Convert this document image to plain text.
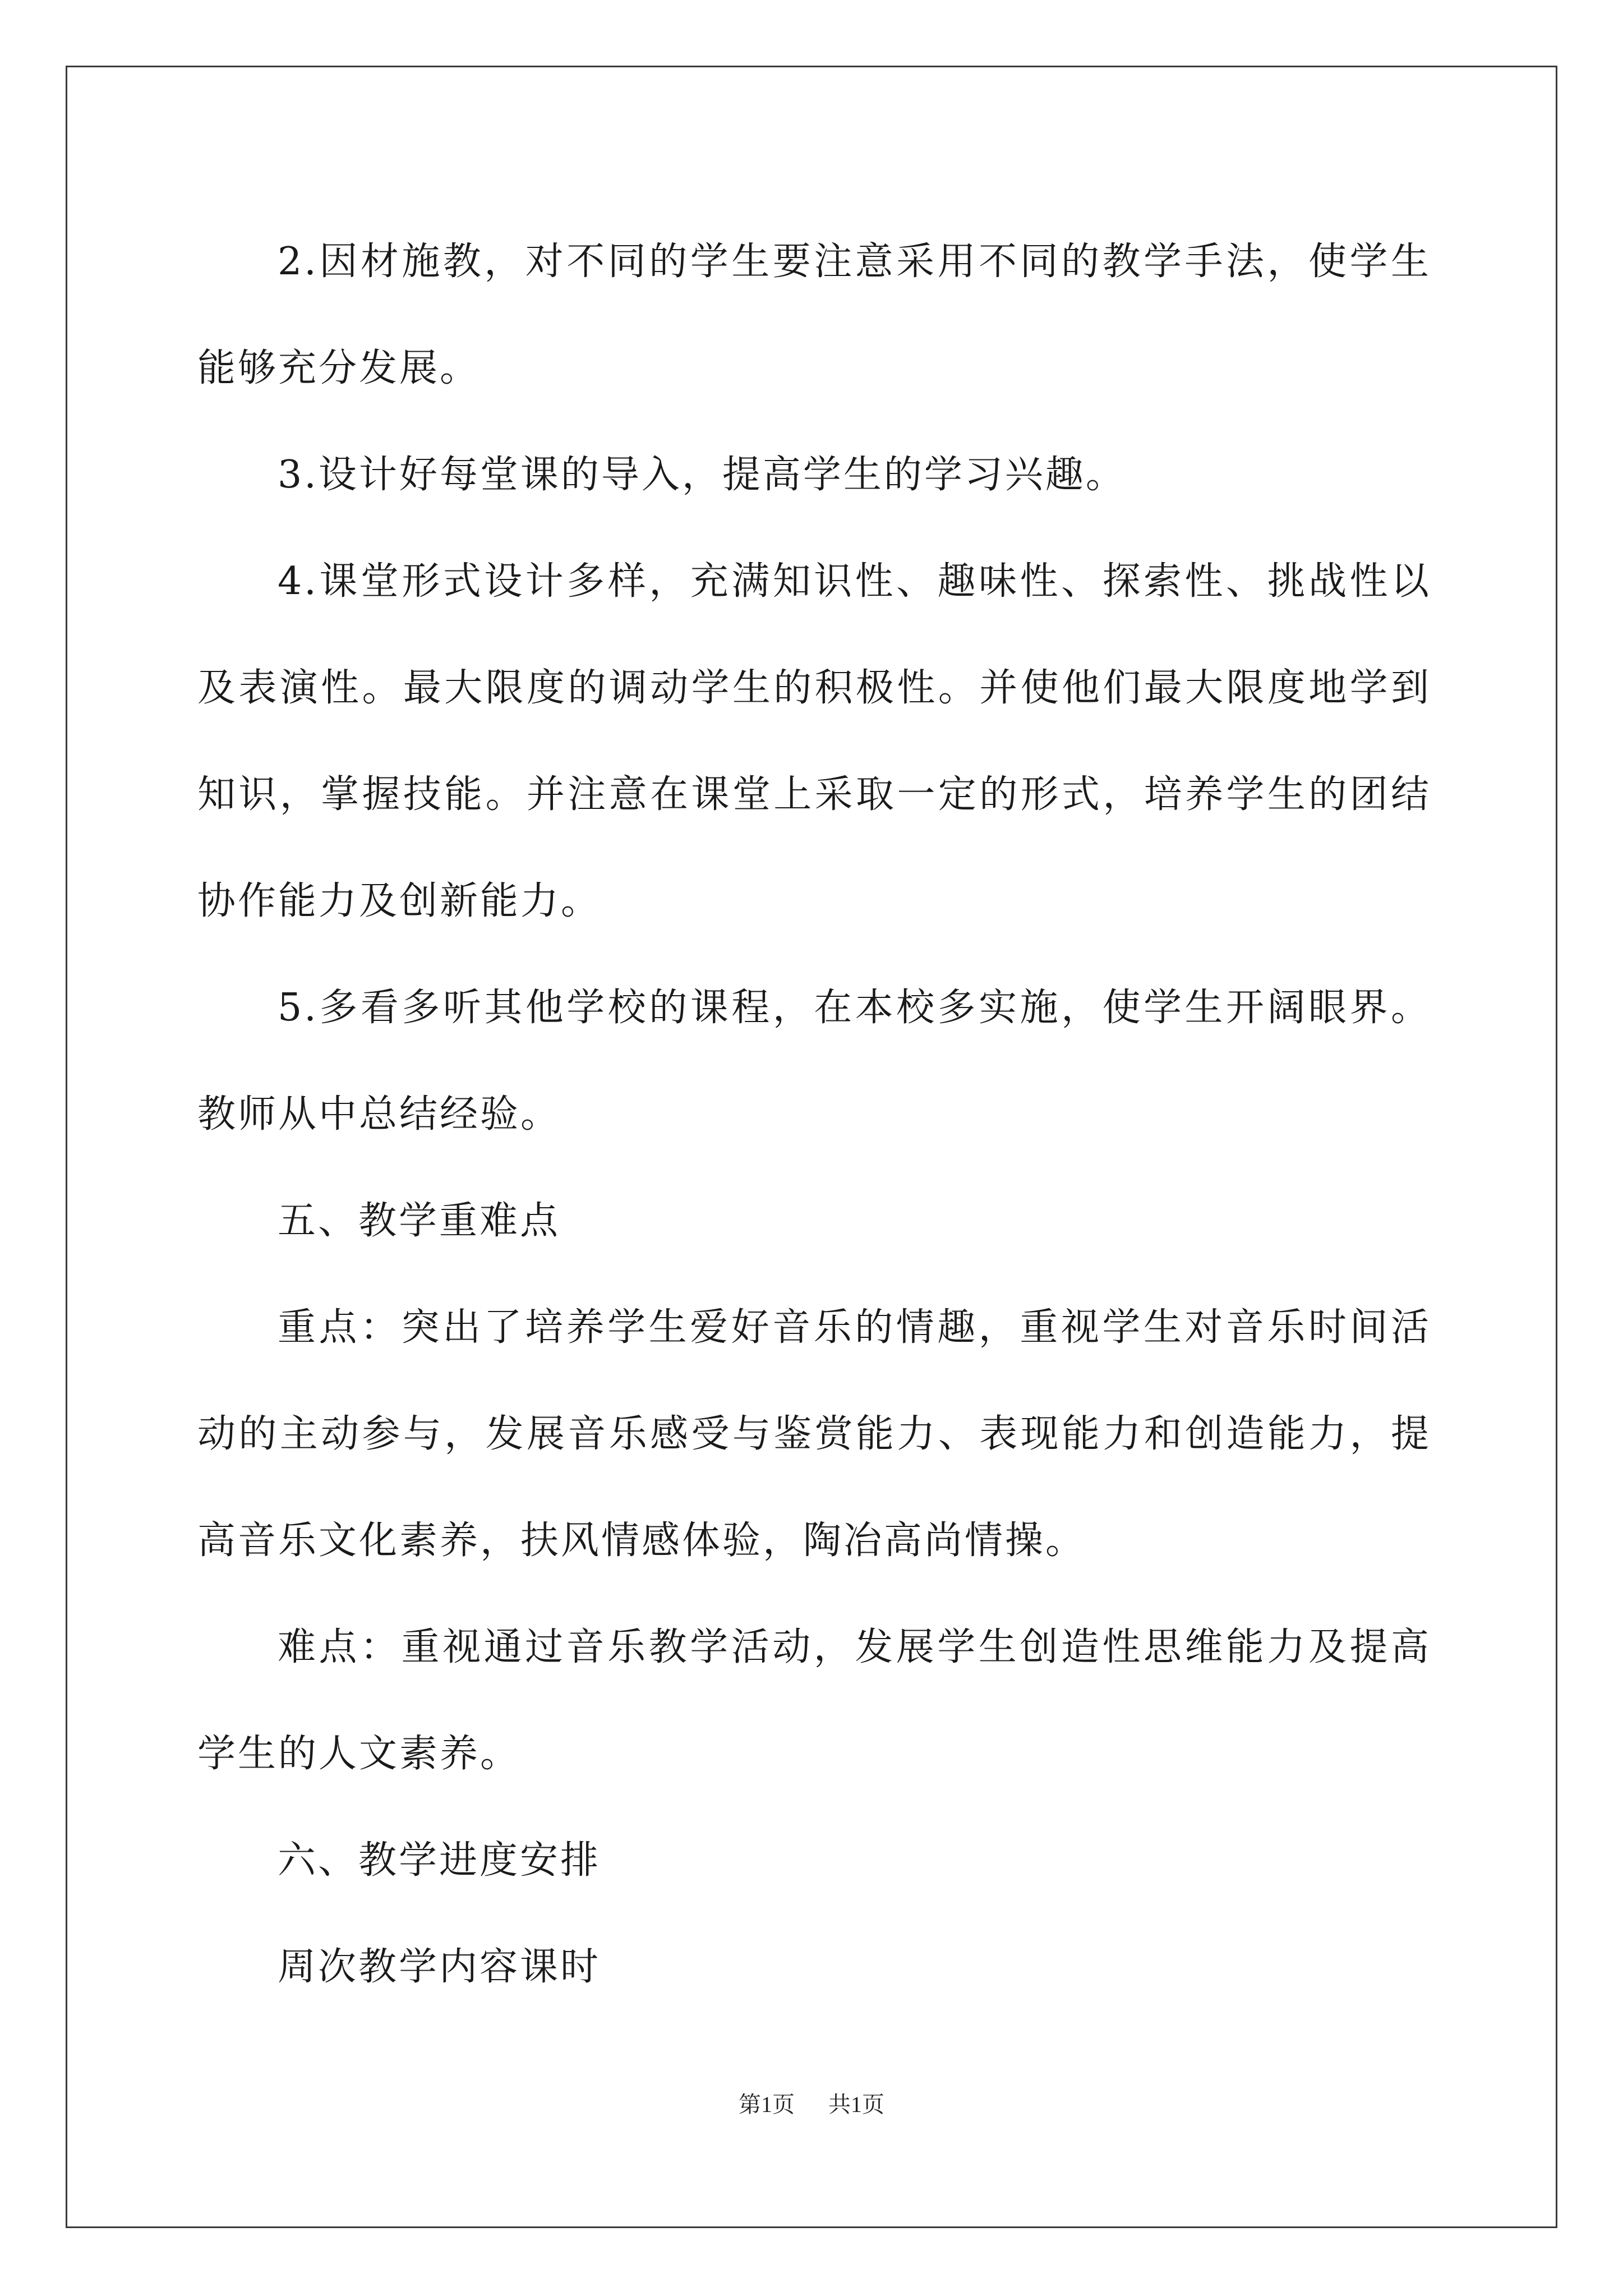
2.因材施教，对不同的学生要注意采用不同的教学手法，使学生能够充分发展。

3.设计好每堂课的导入，提高学生的学习兴趣。

4.课堂形式设计多样，充满知识性、趣味性、探索性、挑战性以及表演性。最大限度的调动学生的积极性。并使他们最大限度地学到知识，掌握技能。并注意在课堂上采取一定的形式，培养学生的团结协作能力及创新能力。

5.多看多听其他学校的课程，在本校多实施，使学生开阔眼界。教师从中总结经验。

五、教学重难点

重点：突出了培养学生爱好音乐的情趣，重视学生对音乐时间活动的主动参与，发展音乐感受与鉴赏能力、表现能力和创造能力，提高音乐文化素养，扶风情感体验，陶冶高尚情操。

难点：重视通过音乐教学活动，发展学生创造性思维能力及提高学生的人文素养。

六、教学进度安排

周次教学内容课时

第1页 共1页
